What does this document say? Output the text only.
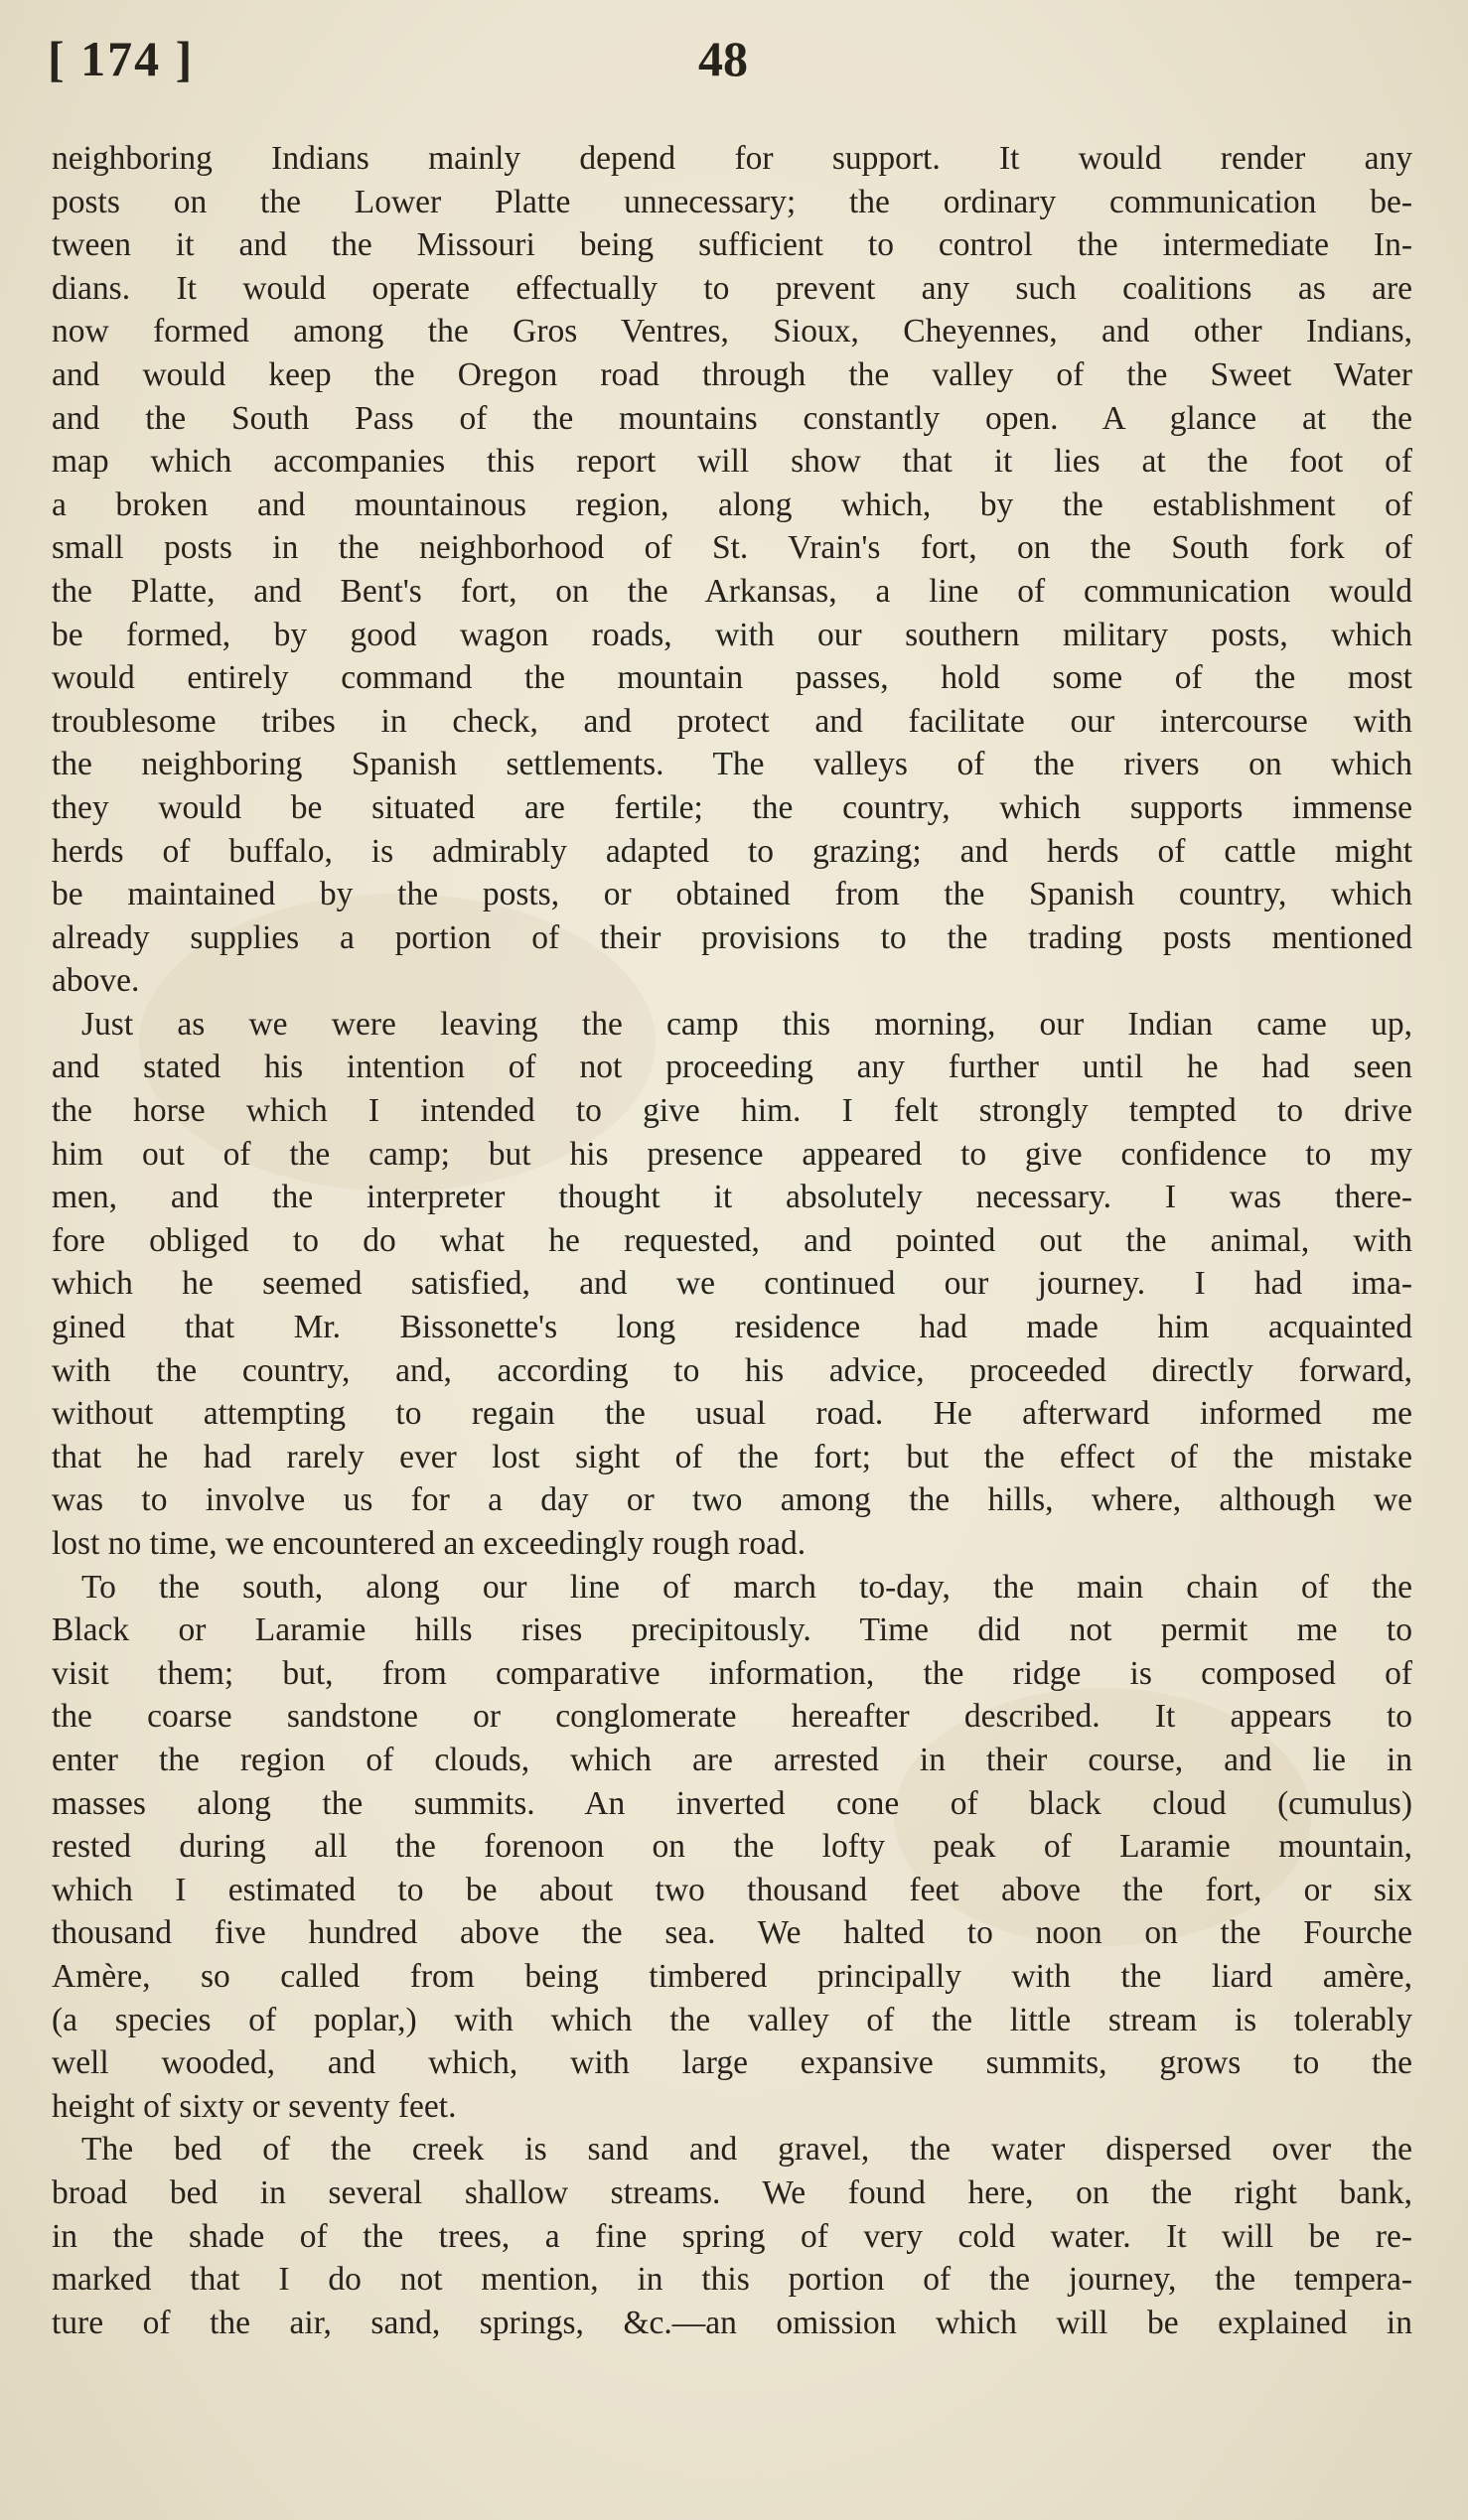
[ 174 ]	48
neighboring Indians mainly depend for support. It would render any
posts on the Lower Platte unnecessary; the ordinary communication be-
tween it and the Missouri being sufficient to control the intermediate In-
dians. It would operate effectually to prevent any such coalitions as are
now formed among the Gros Ventres, Sioux, Cheyennes, and other Indians,
and would keep the Oregon road through the valley of the Sweet Water
and the South Pass of the mountains constantly open. A glance at the
map which accompanies this report will show that it lies at the foot of
a broken and mountainous region, along which, by the establishment of
small posts in the neighborhood of St. Vrain's fort, on the South fork of
the Platte, and Bent's fort, on the Arkansas, a line of communication would
be formed, by good wagon roads, with our southern military posts, which
would entirely command the mountain passes, hold some of the most
troublesome tribes in check, and protect and facilitate our intercourse with
the neighboring Spanish settlements. The valleys of the rivers on which
they would be situated are fertile; the country, which supports immense
herds of buffalo, is admirably adapted to grazing; and herds of cattle might
be maintained by the posts, or obtained from the Spanish country, which
already supplies a portion of their provisions to the trading posts mentioned
above.
Just as we were leaving the camp this morning, our Indian came up,
and stated his intention of not proceeding any further until he had seen
the horse which I intended to give him. I felt strongly tempted to drive
him out of the camp; but his presence appeared to give confidence to my
men, and the interpreter thought it absolutely necessary. I was there-
fore obliged to do what he requested, and pointed out the animal, with
which he seemed satisfied, and we continued our journey. I had ima-
gined that Mr. Bissonette's long residence had made him acquainted
with the country, and, according to his advice, proceeded directly forward,
without attempting to regain the usual road. He afterward informed me
that he had rarely ever lost sight of the fort; but the effect of the mistake
was to involve us for a day or two among the hills, where, although we
lost no time, we encountered an exceedingly rough road.
To the south, along our line of march to-day, the main chain of the
Black or Laramie hills rises precipitously. Time did not permit me to
visit them; but, from comparative information, the ridge is composed of
the coarse sandstone or conglomerate hereafter described. It appears to
enter the region of clouds, which are arrested in their course, and lie in
masses along the summits. An inverted cone of black cloud (cumulus)
rested during all the forenoon on the lofty peak of Laramie mountain,
which I estimated to be about two thousand feet above the fort, or six
thousand five hundred above the sea. We halted to noon on the Fourche
Amère, so called from being timbered principally with the liard amère,
(a species of poplar,) with which the valley of the little stream is tolerably
well wooded, and which, with large expansive summits, grows to the
height of sixty or seventy feet.
The bed of the creek is sand and gravel, the water dispersed over the
broad bed in several shallow streams. We found here, on the right bank,
in the shade of the trees, a fine spring of very cold water. It will be re-
marked that I do not mention, in this portion of the journey, the tempera-
ture of the air, sand, springs, &c.—an omission which will be explained in
